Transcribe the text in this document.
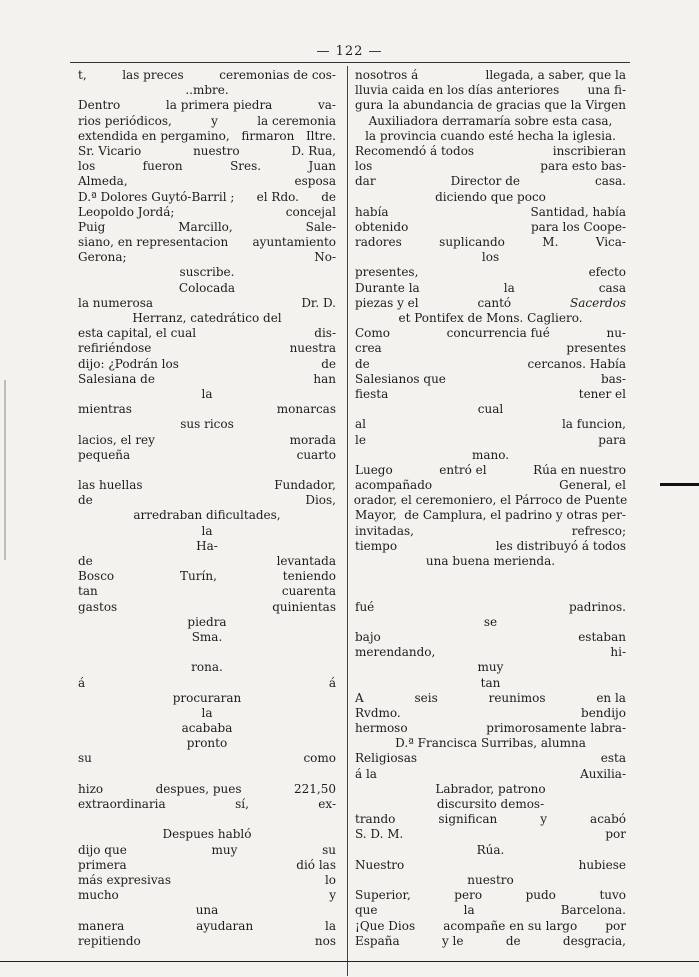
— 122 —
t,	las preces	ceremonias de cos-
..mbre.
Dentro	la primera piedra	va-
rios periódicos,	y	la ceremonia
extendida en pergamino, firmaron Iltre.
Sr. Vicario	nuestro	D. Rua,
los	fueron	Sres.	Juan
Almeda,	esposa
D.ª Dolores Guytó-Barril ; el Rdo. de
Leopoldo Jordá;	concejal
Puig	Marcillo,	Sale-
siano, en representacion ayuntamiento
Gerona;	No-
suscribe.
Colocada
la numerosa	Dr. D.
Herranz, catedrático del
esta capital, el cual	dis-
refiriéndose	nuestra
dijo: ¿Podrán los	de
Salesiana de	han
la
mientras	monarcas
sus ricos
lacios, el rey	morada
pequeña	cuarto
las huellas	Fundador,
de	Dios,
arredraban dificultades,
la
Ha-
de	levantada
Bosco	Turín,	teniendo
tan	cuarenta
gastos	quinientas
piedra
Sma.
rona.
á	á
procuraran
la
acababa
pronto
su	como
hizo	despues, pues	221,50
extraordinaria	sí,	ex-
Despues habló
dijo que	muy	su
primera	dió las
más expresivas	lo
mucho	y
una
manera	ayudaran	la
repitiendo	nos
nosotros á	llegada, a saber, que la
lluvia caida en los días anteriores una fi-
gura la abundancia de gracias que la Virgen
Auxiliadora derramaría sobre esta casa,
la provincia cuando esté hecha la iglesia.
Recomendó á todos	inscribieran
los	para esto bas-
dar	Director de	casa.
diciendo que poco
había	Santidad, había
obtenido	para los Coope-
radores	suplicando	M.	Vica-
los
presentes,	efecto
Durante la	la	casa
piezas y el	cantó	Sacerdos
et Pontifex de Mons. Cagliero.
Como	concurrencia fué	nu-
crea	presentes
de	cercanos. Había
Salesianos que	bas-
fiesta	tener el
cual
al	la funcion,
le	para
mano.
Luego	entró el	Rúa en nuestro
acompañado	General, el
orador, el ceremoniero, el Párroco de Puente
Mayor, de Camplura, el padrino y otras per-
invitadas,	refresco;
tiempo	les distribuyó á todos
una buena merienda.
fué	padrinos.
se
bajo	estaban
merendando,	hi-
muy
tan
A	seis	reunimos	en la
Rvdmo.	bendijo
hermoso	primorosamente labra-
D.ª Francisca Surribas, alumna
Religiosas	esta
á la	Auxilia-
Labrador, patrono
discursito demos-
trando	significan	y	acabó
S. D. M.	por
Rúa.
Nuestro	hubiese
nuestro
Superior,	pero	pudo	tuvo
que	la	Barcelona.
¡Que Dios acompañe en su largo por
España	y le	de	desgracia,
